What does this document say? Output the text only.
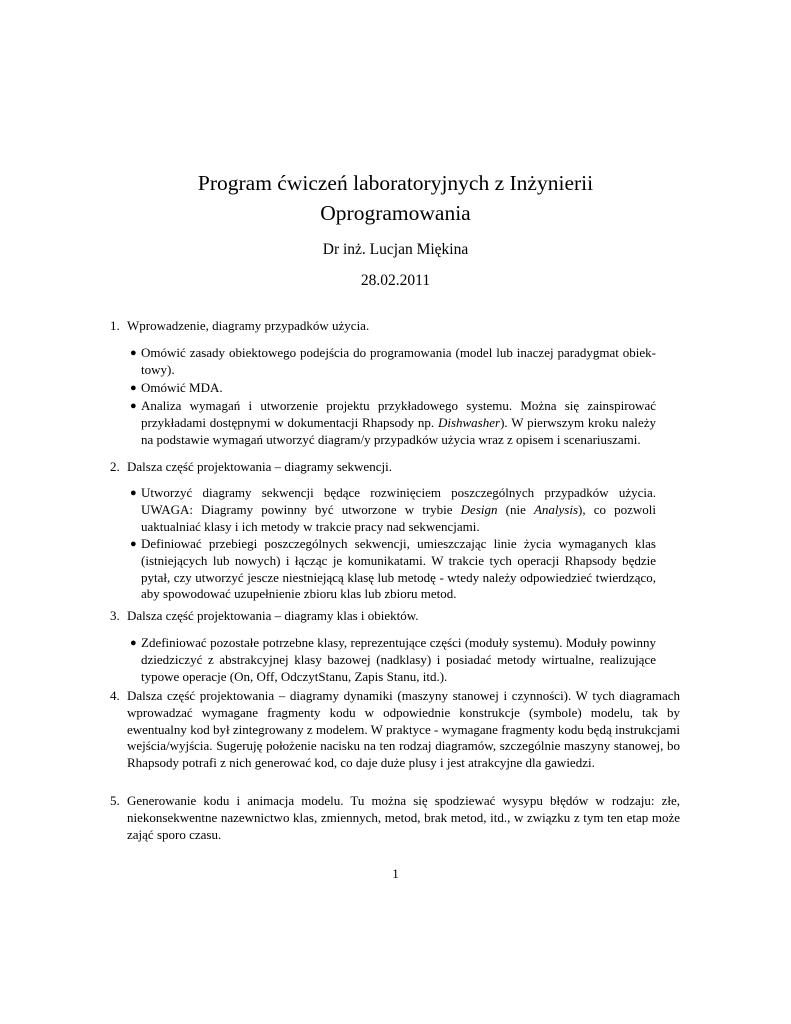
Program ćwiczeń laboratoryjnych z Inżynierii
Oprogramowania

Dr inż. Lucjan Miękina

28.02.2011

1. Wprowadzenie, diagramy przypadków użycia.
● Omówić zasady obiektowego podejścia do programowania (model lub inaczej paradygmat obiek- towy).
● Omówić MDA.
● Analiza wymagań i utworzenie projektu przykładowego systemu. Można się zainspirować przykładami dostępnymi w dokumentacji Rhapsody np. Dishwasher). W pierwszym kroku należy na podstawie wymagań utworzyć diagram/y przypadków użycia wraz z opisem i scenariuszami.
2. Dalsza część projektowania – diagramy sekwencji.
● Utworzyć diagramy sekwencji będące rozwinięciem poszczególnych przypadków użycia. UWAGA: Diagramy powinny być utworzone w trybie Design (nie Analysis), co pozwoli uaktualniać klasy i ich metody w trakcie pracy nad sekwencjami.
● Definiować przebiegi poszczególnych sekwencji, umieszczając linie życia wymaganych klas (istniejących lub nowych) i łącząc je komunikatami. W trakcie tych operacji Rhapsody będzie pytał, czy utworzyć jescze niestniejącą klasę lub metodę - wtedy należy odpowiedzieć twierdząco, aby spowodować uzupełnienie zbioru klas lub zbioru metod.
3. Dalsza część projektowania – diagramy klas i obiektów.
● Zdefiniować pozostałe potrzebne klasy, reprezentujące części (moduły systemu). Moduły powinny dziedziczyć z abstrakcyjnej klasy bazowej (nadklasy) i posiadać metody wirtualne, realizujące typowe operacje (On, Off, OdczytStanu, Zapis Stanu, itd.).
4. Dalsza część projektowania – diagramy dynamiki (maszyny stanowej i czynności). W tych diagramach wprowadzać wymagane fragmenty kodu w odpowiednie konstrukcje (symbole) modelu, tak by ewentualny kod był zintegrowany z modelem. W praktyce - wymagane fragmenty kodu będą instrukcjami wejścia/wyjścia. Sugeruję położenie nacisku na ten rodzaj diagramów, szczególnie maszyny stanowej, bo Rhapsody potrafi z nich generować kod, co daje duże plusy i jest atrakcyjne dla gawiedzi.
5. Generowanie kodu i animacja modelu. Tu można się spodziewać wysypu błędów w rodzaju: złe, niekonsekwentne nazewnictwo klas, zmiennych, metod, brak metod, itd., w związku z tym ten etap może zająć sporo czasu.

1
